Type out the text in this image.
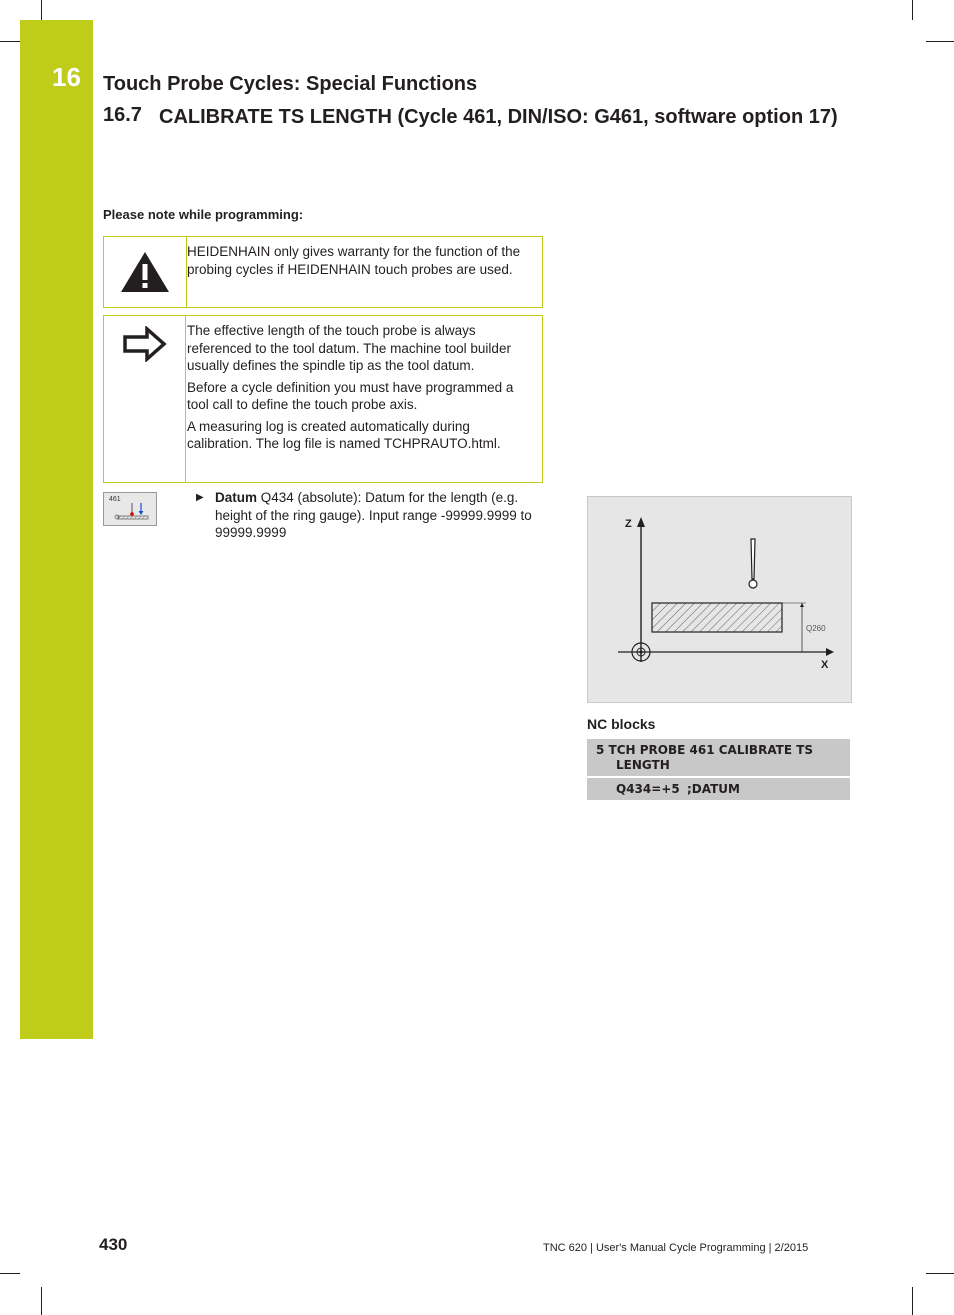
16 Touch Probe Cycles: Special Functions
16.7 CALIBRATE TS LENGTH (Cycle 461, DIN/ISO: G461, software option 17)
Please note while programming:

HEIDENHAIN only gives warranty for the function of the probing cycles if HEIDENHAIN touch probes are used.

The effective length of the touch probe is always referenced to the tool datum. The machine tool builder usually defines the spindle tip as the tool datum.

Before a cycle definition you must have programmed a tool call to define the touch probe axis.

A measuring log is created automatically during calibration. The log file is named TCHPRAUTO.html.

461	▶ Datum Q434 (absolute): Datum for the length (e.g. height of the ring gauge). Input range -99999.9999 to 99999.9999
Z
X
Q260
NC blocks
5 TCH PROBE 461 CALIBRATE TS
LENGTH
Q434=+5 ;DATUM
430	TNC 620 | User's Manual Cycle Programming | 2/2015
